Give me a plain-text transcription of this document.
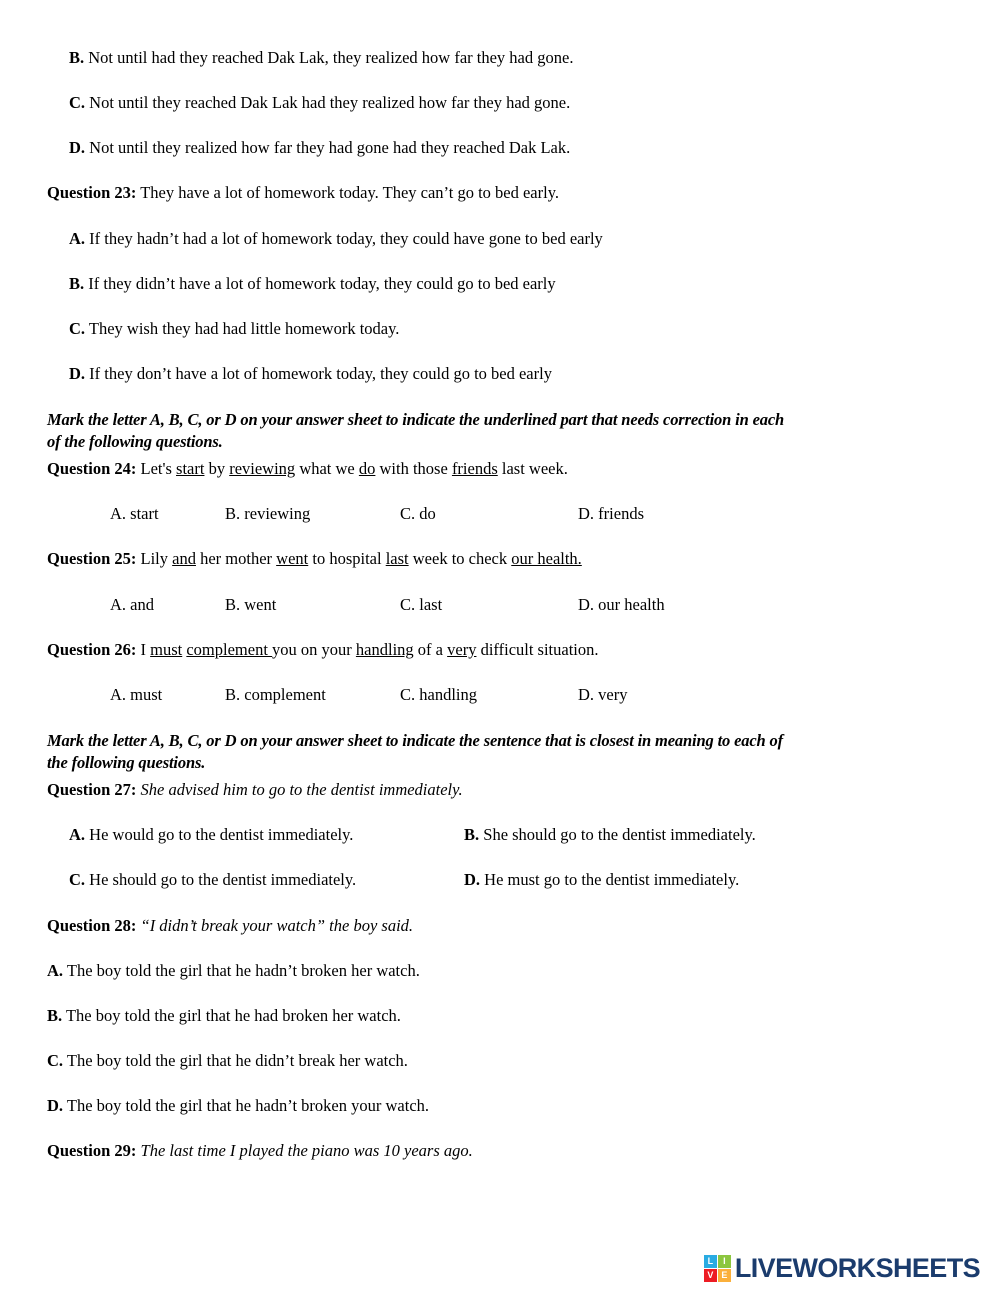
B. Not until had they reached Dak Lak, they realized how far they had gone.

C. Not until they reached Dak Lak had they realized how far they had gone.

D. Not until they realized how far they had gone had they reached Dak Lak.

Question 23: They have a lot of homework today. They can’t go to bed early.

A. If they hadn’t had a lot of homework today, they could have gone to bed early

B. If they didn’t have a lot of homework today, they could go to bed early

C. They wish they had had little homework today.

D. If they don’t have a lot of homework today, they could go to bed early

Mark the letter A, B, C, or D on your answer sheet to indicate the underlined part that needs correction in each
of the following questions.

Question 24: Let's start by reviewing what we do with those friends last week.

A. start	B. reviewing	C. do	D. friends

Question 25: Lily and her mother went to hospital last week to check our health.

A. and	B. went	C. last	D. our health

Question 26: I must complement you on your handling of a very difficult situation.

A. must	B. complement	C. handling	D. very

Mark the letter A, B, C, or D on your answer sheet to indicate the sentence that is closest in meaning to each of
the following questions.

Question 27: She advised him to go to the dentist immediately.

A. He would go to the dentist immediately.	B. She should go to the dentist immediately.
C. He should go to the dentist immediately.	D. He must go to the dentist immediately.

Question 28: “I didn’t break your watch” the boy said.

A. The boy told the girl that he hadn’t broken her watch.

B. The boy told the girl that he had broken her watch.

C. The boy told the girl that he didn’t break her watch.

D. The boy told the girl that he hadn’t broken your watch.

Question 29: The last time I played the piano was 10 years ago.

L	I
V E LIVEWORKSHEETS
